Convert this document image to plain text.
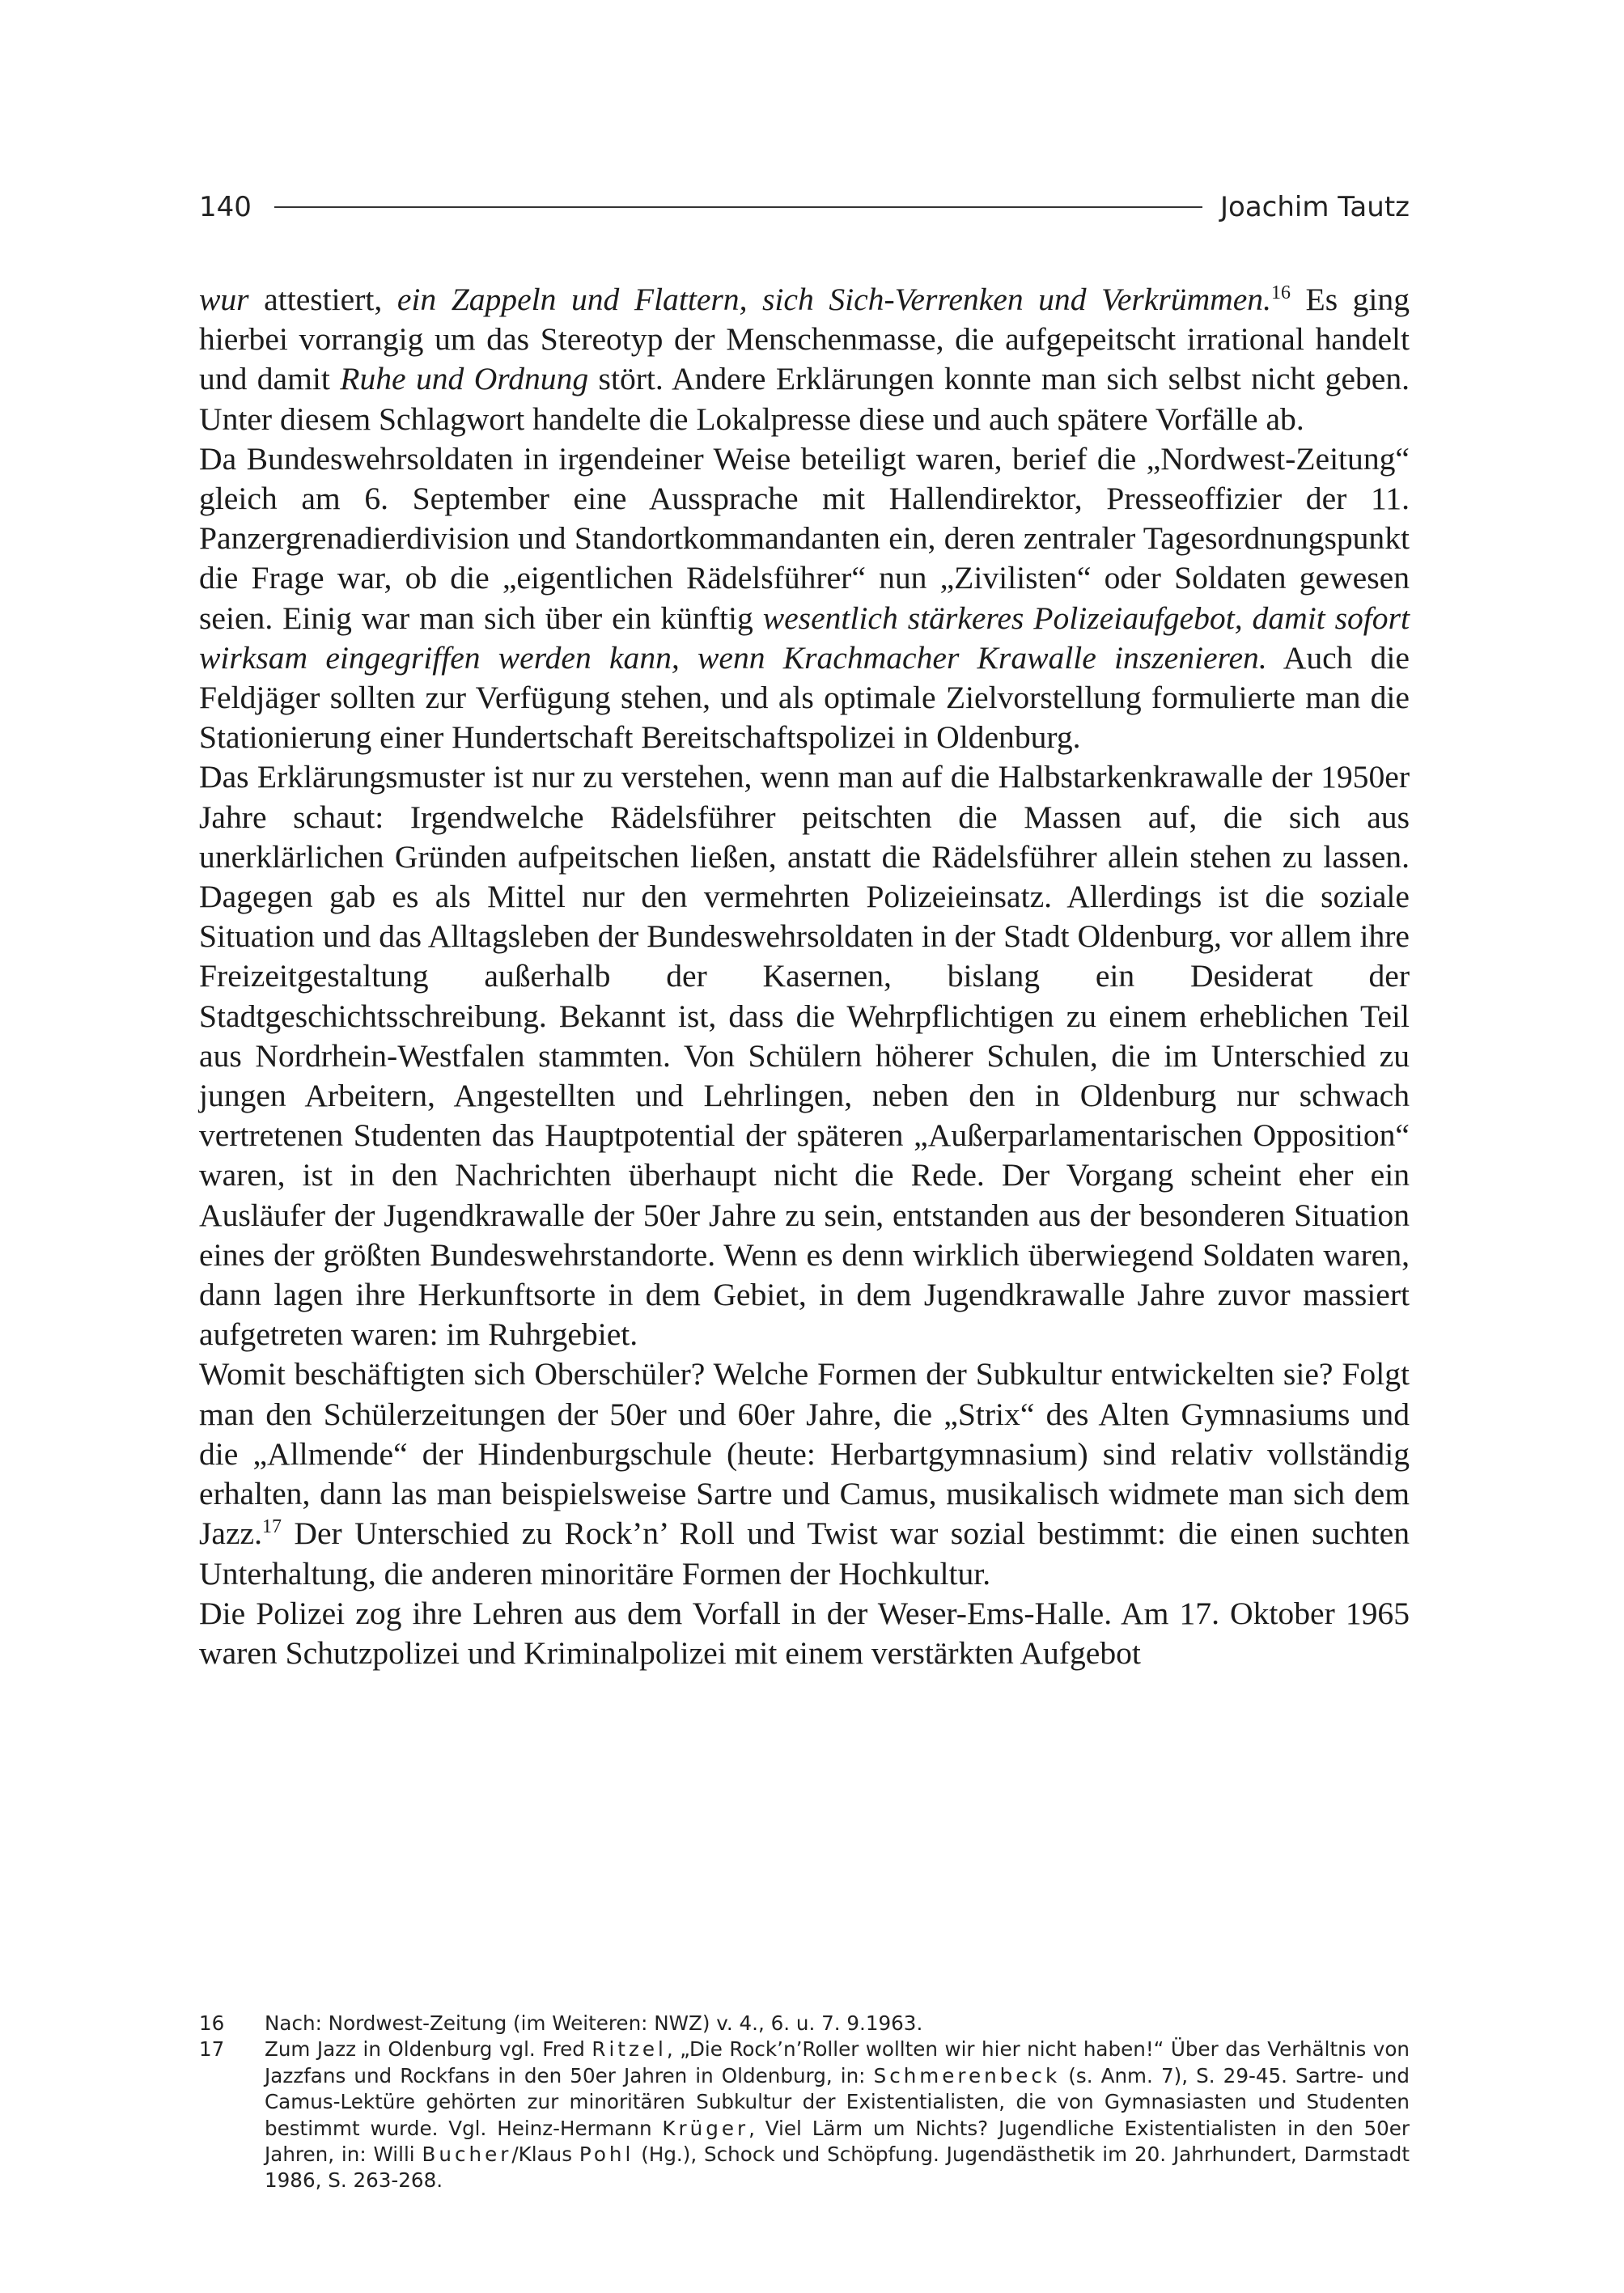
140	Joachim Tautz

wur attestiert, ein Zappeln und Flattern, sich Sich-Verrenken und Verkrümmen.$^{16}$ Es ging hierbei vorrangig um das Stereotyp der Menschenmasse, die aufgepeitscht irrational handelt und damit Ruhe und Ordnung stört. Andere Erklärungen konnte man sich selbst nicht geben. Unter diesem Schlagwort handelte die Lokalpresse diese und auch spätere Vorfälle ab.

Da Bundeswehrsoldaten in irgendeiner Weise beteiligt waren, berief die „Nordwest-Zeitung“ gleich am 6. September eine Aussprache mit Hallendirektor, Presseoffizier der 11. Panzergrenadierdivision und Standortkommandanten ein, deren zentraler Tagesordnungspunkt die Frage war, ob die „eigentlichen Rädelsführer“ nun „Zivilisten“ oder Soldaten gewesen seien. Einig war man sich über ein künftig wesentlich stärkeres Polizeiaufgebot, damit sofort wirksam eingegriffen werden kann, wenn Krachmacher Krawalle inszenieren. Auch die Feldjäger sollten zur Verfügung stehen, und als optimale Zielvorstellung formulierte man die Stationierung einer Hundertschaft Bereitschaftspolizei in Oldenburg.

Das Erklärungsmuster ist nur zu verstehen, wenn man auf die Halbstarkenkrawalle der 1950er Jahre schaut: Irgendwelche Rädelsführer peitschten die Massen auf, die sich aus unerklärlichen Gründen aufpeitschen ließen, anstatt die Rädelsführer allein stehen zu lassen. Dagegen gab es als Mittel nur den vermehrten Polizeieinsatz. Allerdings ist die soziale Situation und das Alltagsleben der Bundeswehrsoldaten in der Stadt Oldenburg, vor allem ihre Freizeitgestaltung außerhalb der Kasernen, bislang ein Desiderat der Stadtgeschichtsschreibung. Bekannt ist, dass die Wehrpflichtigen zu einem erheblichen Teil aus Nordrhein-Westfalen stammten. Von Schülern höherer Schulen, die im Unterschied zu jungen Arbeitern, Angestellten und Lehrlingen, neben den in Oldenburg nur schwach vertretenen Studenten das Hauptpotential der späteren „Außerparlamentarischen Opposition“ waren, ist in den Nachrichten überhaupt nicht die Rede. Der Vorgang scheint eher ein Ausläufer der Jugendkrawalle der 50er Jahre zu sein, entstanden aus der besonderen Situation eines der größten Bundeswehrstandorte. Wenn es denn wirklich überwiegend Soldaten waren, dann lagen ihre Herkunftsorte in dem Gebiet, in dem Jugendkrawalle Jahre zuvor massiert aufgetreten waren: im Ruhrgebiet.

Womit beschäftigten sich Oberschüler? Welche Formen der Subkultur entwickelten sie? Folgt man den Schülerzeitungen der 50er und 60er Jahre, die „Strix“ des Alten Gymnasiums und die „Allmende“ der Hindenburgschule (heute: Herbartgymnasium) sind relativ vollständig erhalten, dann las man beispielsweise Sartre und Camus, musikalisch widmete man sich dem Jazz.$^{17}$ Der Unterschied zu Rock’n’ Roll und Twist war sozial bestimmt: die einen suchten Unterhaltung, die anderen minoritäre Formen der Hochkultur.

Die Polizei zog ihre Lehren aus dem Vorfall in der Weser-Ems-Halle. Am 17. Oktober 1965 waren Schutzpolizei und Kriminalpolizei mit einem verstärkten Aufgebot

16	Nach: Nordwest-Zeitung (im Weiteren: NWZ) v. 4., 6. u. 7. 9.1963.
17	Zum Jazz in Oldenburg vgl. Fred Ritzel, „Die Rock’n’Roller wollten wir hier nicht haben!“ Über das Verhältnis von Jazzfans und Rockfans in den 50er Jahren in Oldenburg, in: Schmerenbeck (s. Anm. 7), S. 29-45. Sartre- und Camus-Lektüre gehörten zur minoritären Subkultur der Existentialisten, die von Gymnasiasten und Studenten bestimmt wurde. Vgl. Heinz-Hermann Krüger, Viel Lärm um Nichts? Jugendliche Existentialisten in den 50er Jahren, in: Willi Bucher/Klaus Pohl (Hg.), Schock und Schöpfung. Jugendästhetik im 20. Jahrhundert, Darmstadt 1986, S. 263-268.
